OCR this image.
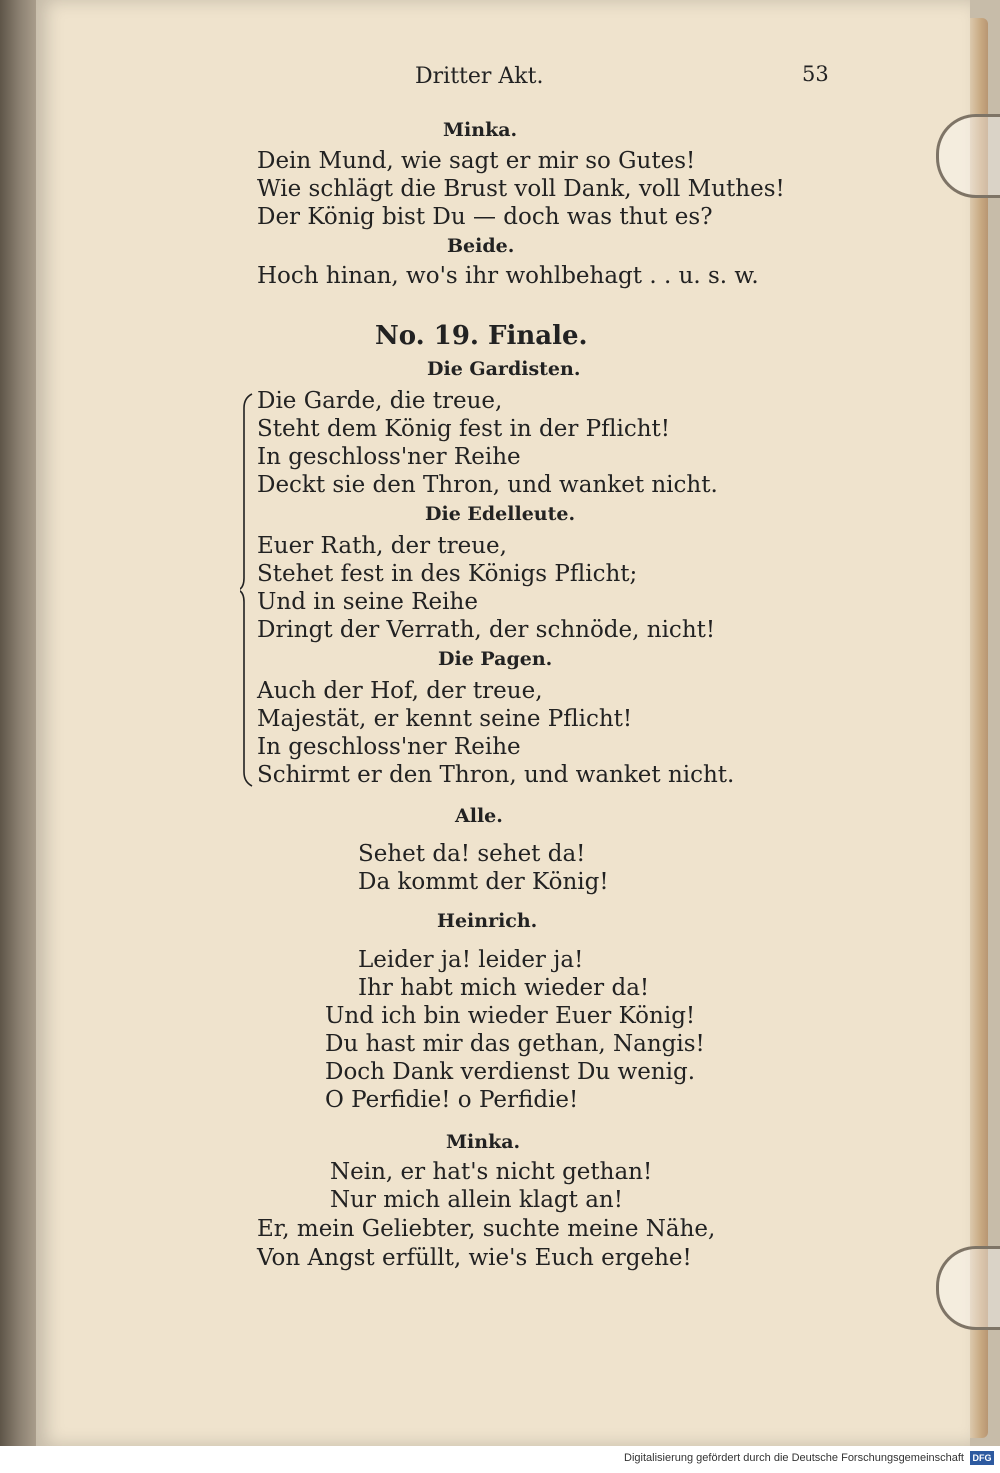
Dritter Akt.	53
Minka.
Dein Mund, wie sagt er mir so Gutes!
Wie schlägt die Brust voll Dank, voll Muthes!
Der König bist Du — doch was thut es?
Beide.
Hoch hinan, wo's ihr wohlbehagt . . u. s. w.
No. 19. Finale.
Die Gardisten.
Die Garde, die treue,
Steht dem König fest in der Pflicht!
In geschloss'ner Reihe
Deckt sie den Thron, und wanket nicht.
Die Edelleute.
Euer Rath, der treue,
Stehet fest in des Königs Pflicht;
Und in seine Reihe
Dringt der Verrath, der schnöde, nicht!
Die Pagen.
Auch der Hof, der treue,
Majestät, er kennt seine Pflicht!
In geschloss'ner Reihe
Schirmt er den Thron, und wanket nicht.
Alle.
Sehet da! sehet da!
Da kommt der König!
Heinrich.
Leider ja! leider ja!
Ihr habt mich wieder da!
Und ich bin wieder Euer König!
Du hast mir das gethan, Nangis!
Doch Dank verdienst Du wenig.
O Perfidie! o Perfidie!
Minka.
Nein, er hat's nicht gethan!
Nur mich allein klagt an!
Er, mein Geliebter, suchte meine Nähe,
Von Angst erfüllt, wie's Euch ergehe!
Digitalisierung gefördert durch die Deutsche Forschungsgemeinschaft DFG
